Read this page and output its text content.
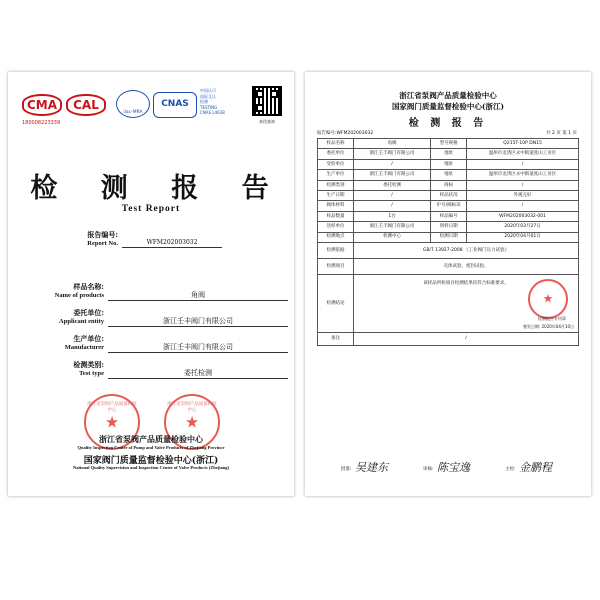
CMA	CAL
180008223339
ilac-MRA
CNAS
中国认可
国际互认
检测
TESTING
CNAS L4638
真伪查询
检 测 报 告
Test Report
报告编号:
Report No.	WFM202003032
样品名称:
Name of products	角阀
委托单位:
Applicant entity	浙江壬丰阀门有限公司
生产单位:
Manufacturer	浙江壬丰阀门有限公司
检测类别:
Test type	委托检测
浙江省泵阀产品质量检验中心
★
浙江省泵阀产品质量检验中心
★
浙江省泵阀产品质量检验中心
Quality Inspection Center of Pump and Valve Products of Zhejiang Province
国家阀门质量监督检验中心(浙江)
National Quality Supervision and Inspection Center of Valve Products (Zhejiang)
浙江省泵阀产品质量检验中心
国家阀门质量监督检验中心(浙江)
检 测 报 告
报告编号:WFM202003032	共 2 页 第 1 页
样品名称	角阀	型号规格	Q215T-10P DN15
委托单位	浙江壬丰阀门有限公司	地址	温州市龙湾区永中街道度山工业区
受检单位	/	地址	/
生产单位	浙江壬丰阀门有限公司	地址	温州市龙湾区永中街道度山工业区
检测类别	委托检测	商标	/
生产日期	/	样品状况	外观完好
阀体材料	/	炉号/阀标识	/
样品数量	1台	样品编号	WFM202003032-001
送样单位	浙江壬丰阀门有限公司	到样日期	2020年03月27日
检测地点	检测中心	检测日期	2020年04月01日
检测依据	GB/T 13927-2008 《工业阀门压力试验》		
检测项目	壳体试验、密封试验。		
检测结论	该样品所检项目检测结果均符合标准要求。
★
检测报告专用章
签发日期: 2020年04月10日		

备注	/		
批准: 吴建东	审核: 陈宝逸	主检: 金鹏程
